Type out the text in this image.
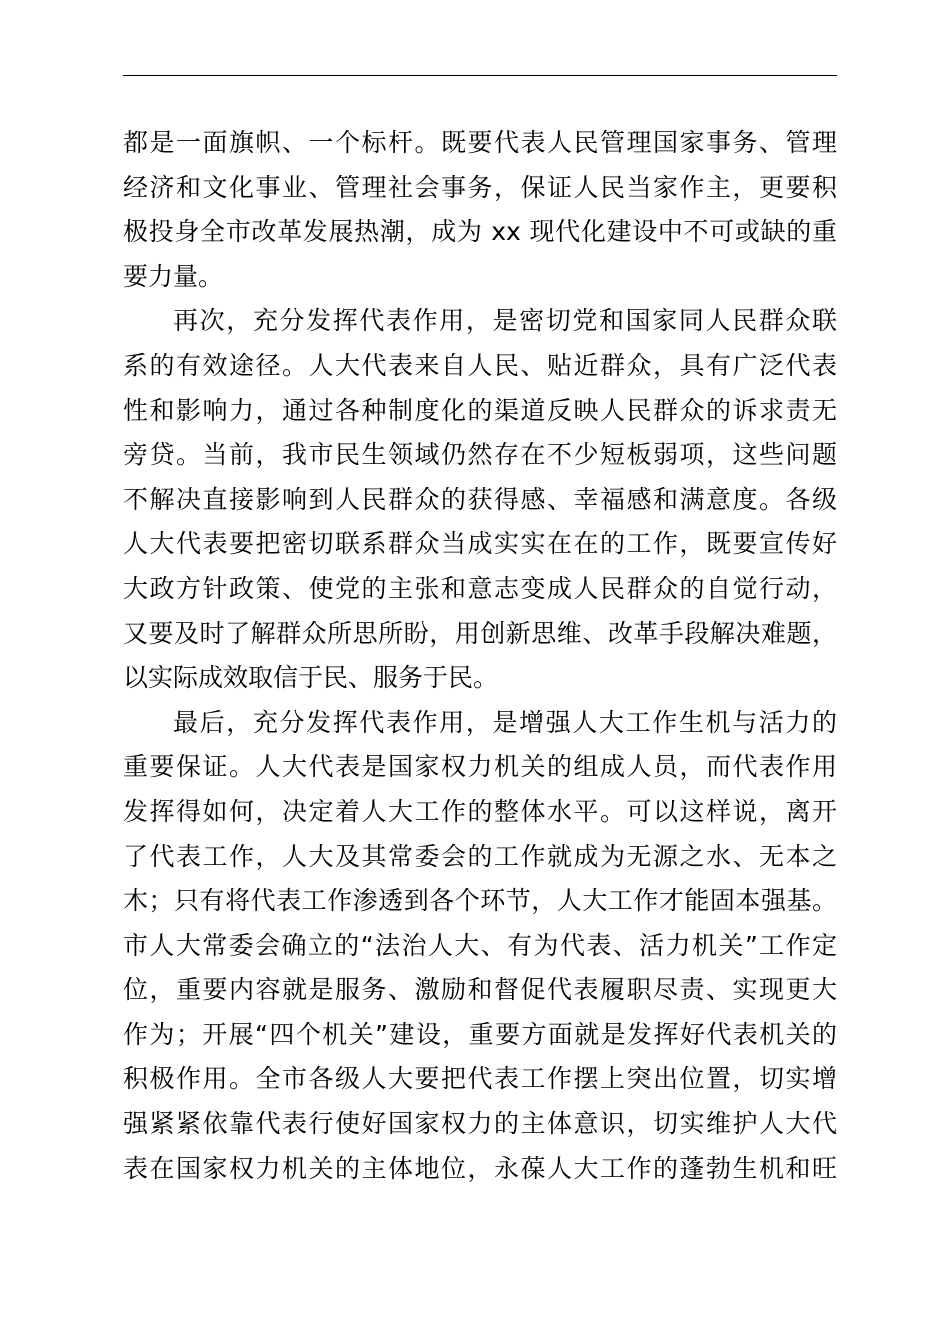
都是一面旗帜、一个标杆。既要代表人民管理国家事务、管理

经济和文化事业、管理社会事务，保证人民当家作主，更要积

极投身全市改革发展热潮，成为 xx 现代化建设中不可或缺的重

要力量。

再次，充分发挥代表作用，是密切党和国家同人民群众联

系的有效途径。人大代表来自人民、贴近群众，具有广泛代表

性和影响力，通过各种制度化的渠道反映人民群众的诉求责无

旁贷。当前，我市民生领域仍然存在不少短板弱项，这些问题

不解决直接影响到人民群众的获得感、幸福感和满意度。各级

人大代表要把密切联系群众当成实实在在的工作，既要宣传好

大政方针政策、使党的主张和意志变成人民群众的自觉行动，

又要及时了解群众所思所盼，用创新思维、改革手段解决难题，

以实际成效取信于民、服务于民。

最后，充分发挥代表作用，是增强人大工作生机与活力的

重要保证。人大代表是国家权力机关的组成人员，而代表作用

发挥得如何，决定着人大工作的整体水平。可以这样说，离开

了代表工作，人大及其常委会的工作就成为无源之水、无本之

木；只有将代表工作渗透到各个环节，人大工作才能固本强基。

市人大常委会确立的“法治人大、有为代表、活力机关”工作定

位，重要内容就是服务、激励和督促代表履职尽责、实现更大

作为；开展“四个机关”建设，重要方面就是发挥好代表机关的

积极作用。全市各级人大要把代表工作摆上突出位置，切实增

强紧紧依靠代表行使好国家权力的主体意识，切实维护人大代

表在国家权力机关的主体地位，永葆人大工作的蓬勃生机和旺
